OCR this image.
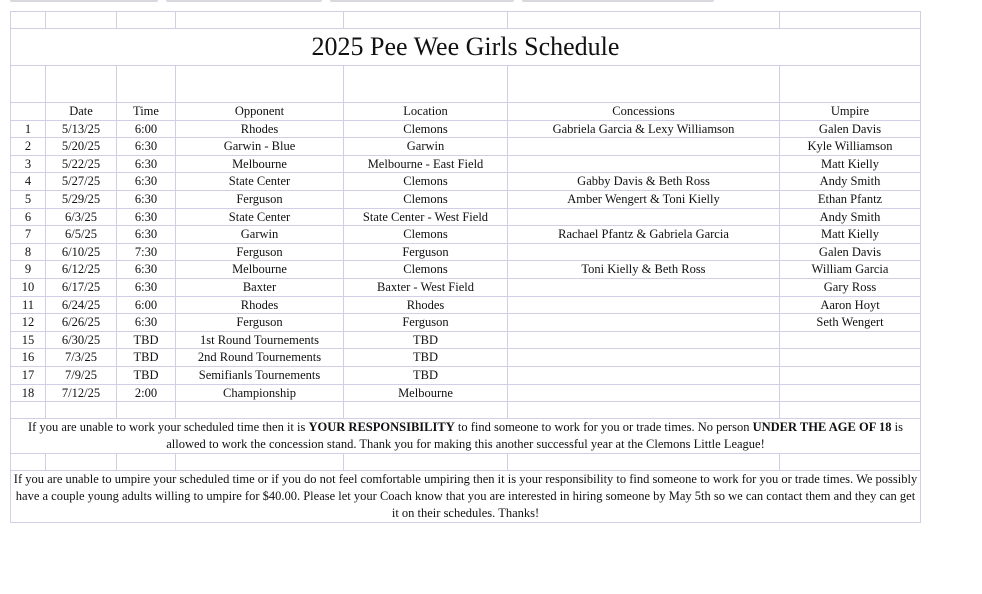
2025 Pee Wee Girls Schedule						

	Date	Time	Opponent	Location	Concessions	Umpire
1	5/13/25	6:00	Rhodes	Clemons	Gabriela Garcia & Lexy Williamson	Galen Davis
2	5/20/25	6:30	Garwin - Blue	Garwin		Kyle Williamson
3	5/22/25	6:30	Melbourne	Melbourne - East Field		Matt Kielly
4	5/27/25	6:30	State Center	Clemons	Gabby Davis & Beth Ross	Andy Smith
5	5/29/25	6:30	Ferguson	Clemons	Amber Wengert & Toni Kielly	Ethan Pfantz
6	6/3/25	6:30	State Center	State Center - West Field		Andy Smith
7	6/5/25	6:30	Garwin	Clemons	Rachael Pfantz & Gabriela Garcia	Matt Kielly
8	6/10/25	7:30	Ferguson	Ferguson		Galen Davis
9	6/12/25	6:30	Melbourne	Clemons	Toni Kielly & Beth Ross	William Garcia
10	6/17/25	6:30	Baxter	Baxter - West Field		Gary Ross
11	6/24/25	6:00	Rhodes	Rhodes		Aaron Hoyt
12	6/26/25	6:30	Ferguson	Ferguson		Seth Wengert
15	6/30/25	TBD	1st Round Tournements	TBD		
16	7/3/25	TBD	2nd Round Tournements	TBD		
17	7/9/25	TBD	Semifianls Tournements	TBD		
18	7/12/25	2:00	Championship	Melbourne		

If you are unable to work your scheduled time then it is YOUR RESPONSIBILITY to find someone to work for you or trade times. No person UNDER THE AGE OF 18 is allowed to work the concession stand. Thank you for making this another successful year at the Clemons Little League!						

If you are unable to umpire your scheduled time or if you do not feel comfortable umpiring then it is your responsibility to find someone to work for you or trade times. We possibly have a couple young adults willing to umpire for $40.00. Please let your Coach know that you are interested in hiring someone by May 5th so we can contact them and they can get it on their schedules. Thanks!						
